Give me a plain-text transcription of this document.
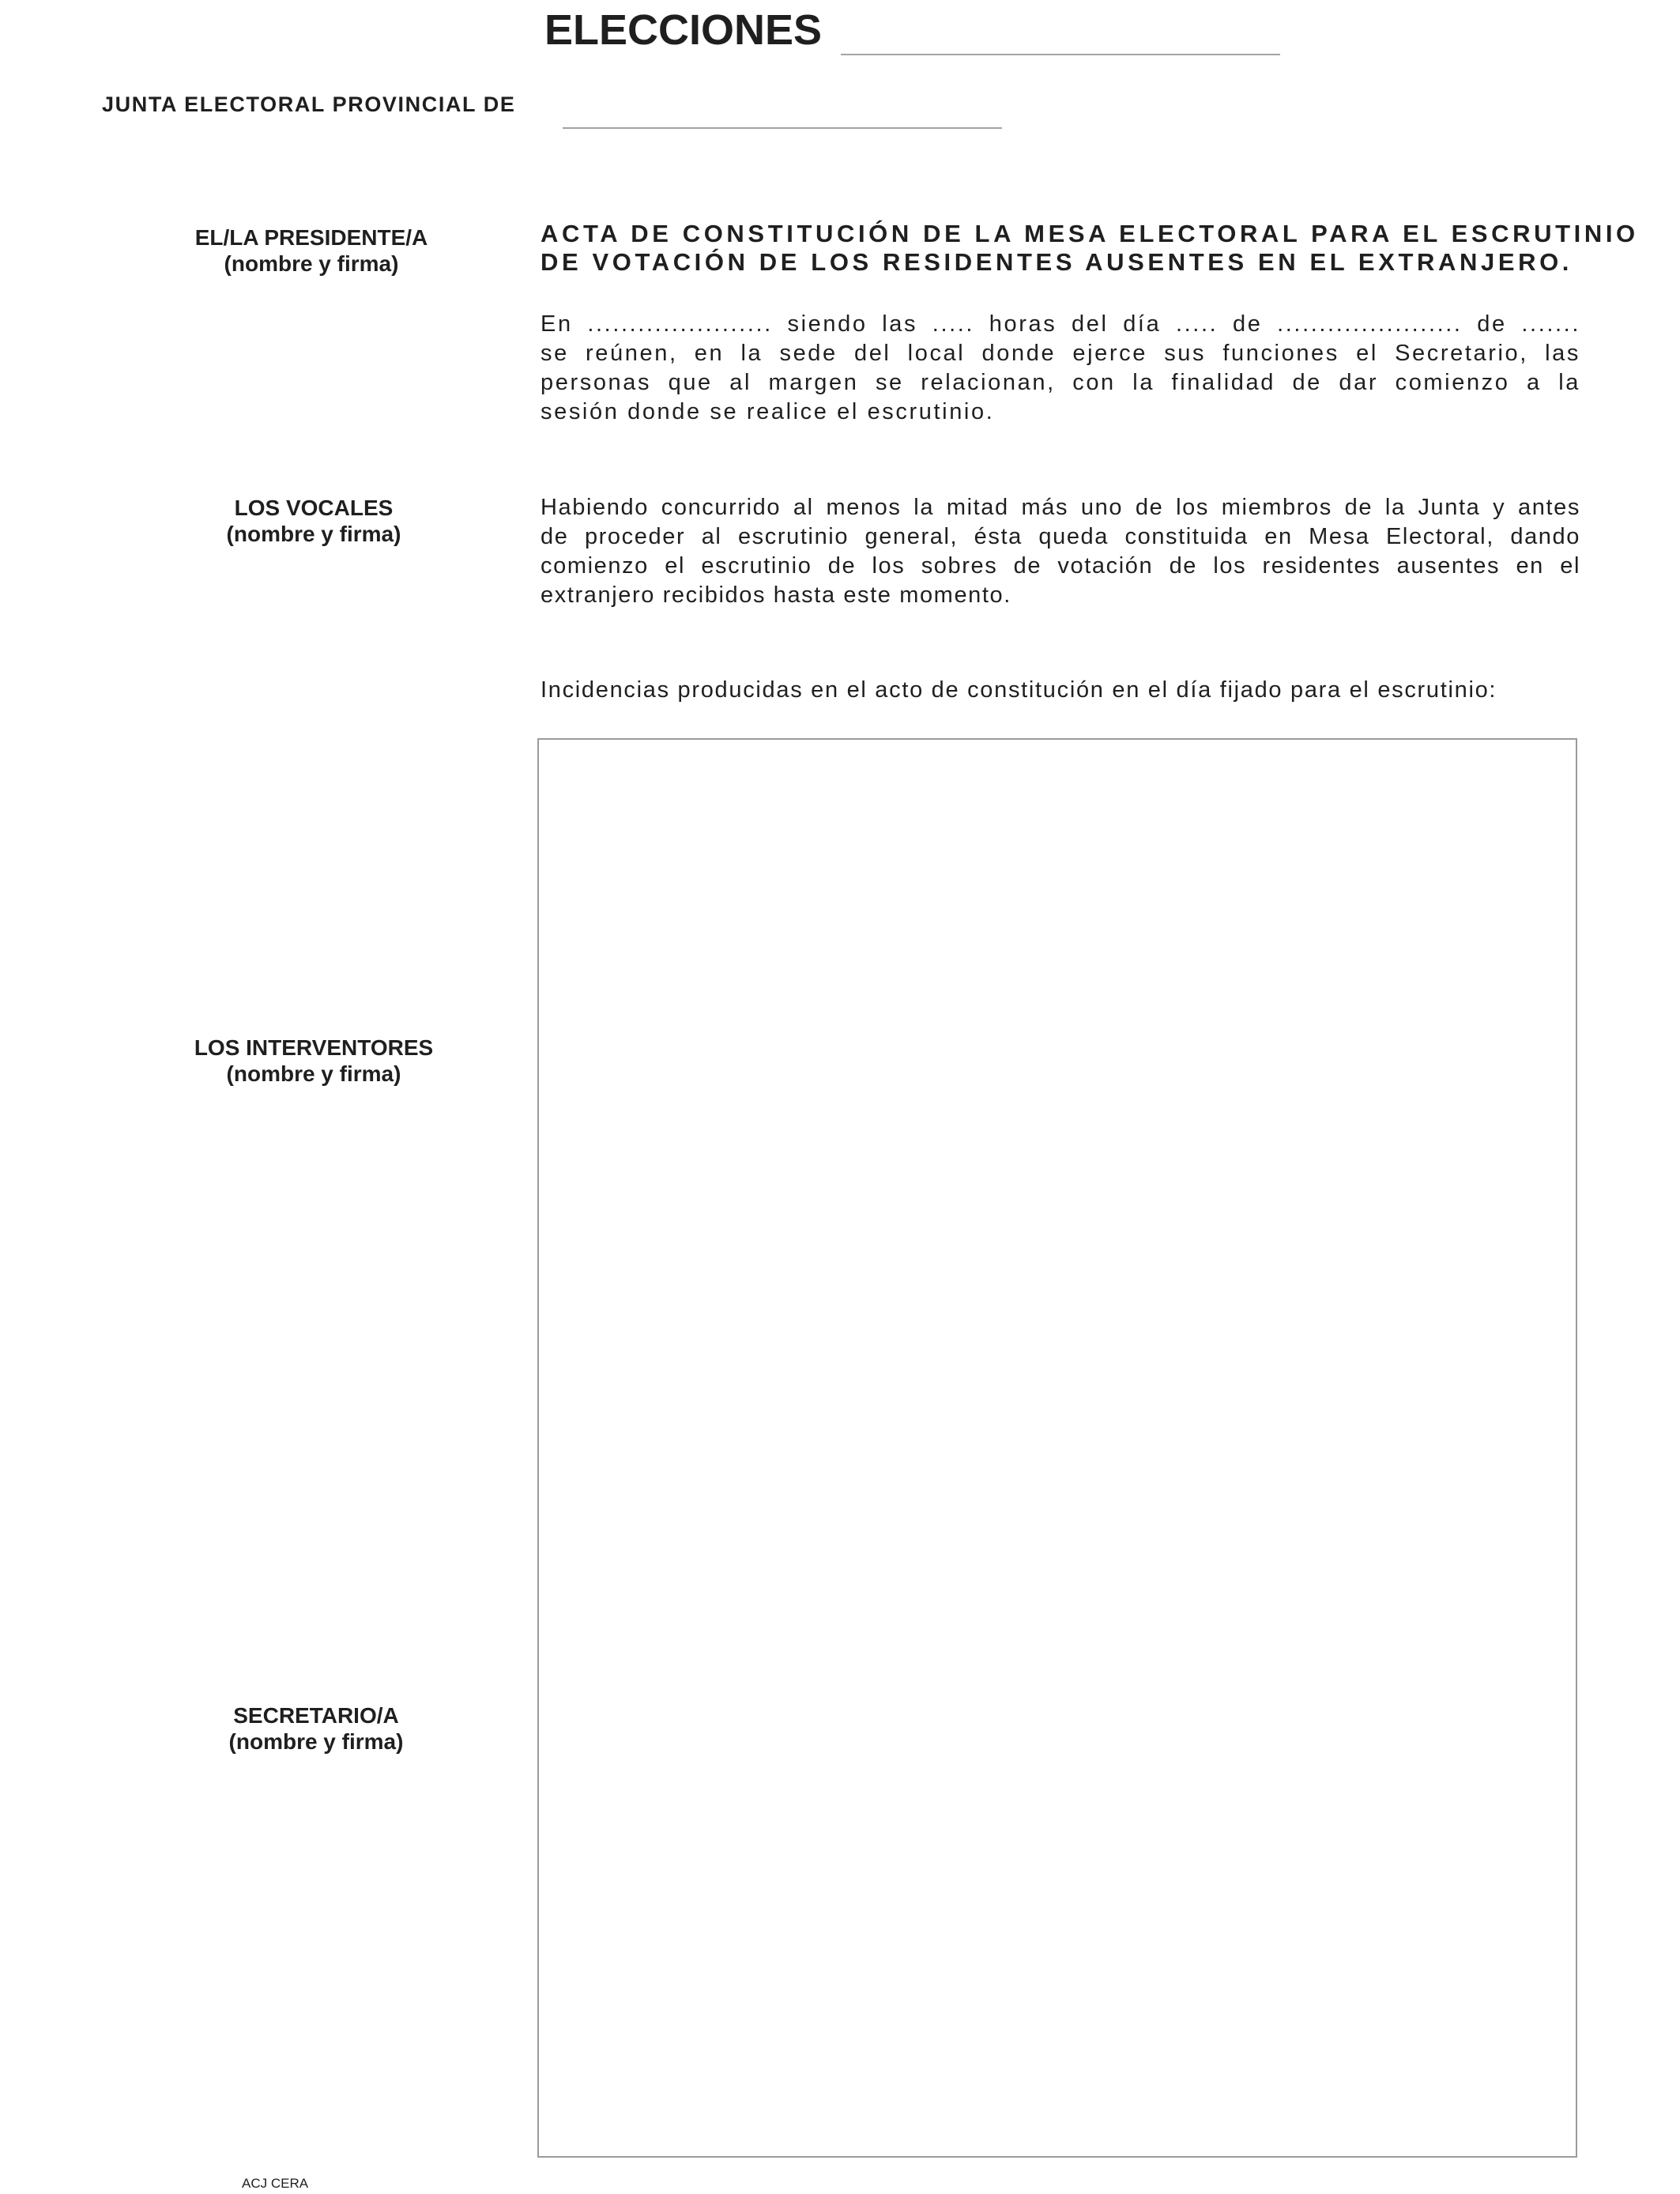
ELECCIONES
JUNTA ELECTORAL PROVINCIAL DE
EL/LA PRESIDENTE/A
(nombre y firma)
LOS VOCALES
(nombre y firma)
LOS INTERVENTORES
(nombre y firma)
SECRETARIO/A
(nombre y firma)
ACTA DE CONSTITUCIÓN DE LA MESA ELECTORAL PARA EL ESCRUTINIO
DE VOTACIÓN DE LOS RESIDENTES AUSENTES EN EL EXTRANJERO.
En ...................... siendo las ..... horas del día ..... de ...................... de .......
se reúnen, en la sede del local donde ejerce sus funciones el Secretario, las
personas que al margen se relacionan, con la finalidad de dar comienzo a la
sesión donde se realice el escrutinio.
Habiendo concurrido al menos la mitad más uno de los miembros de la Junta y antes
de proceder al escrutinio general, ésta queda constituida en Mesa Electoral, dando
comienzo el escrutinio de los sobres de votación de los residentes ausentes en el
extranjero recibidos hasta este momento.
Incidencias producidas en el acto de constitución en el día fijado para el escrutinio:
ACJ CERA
